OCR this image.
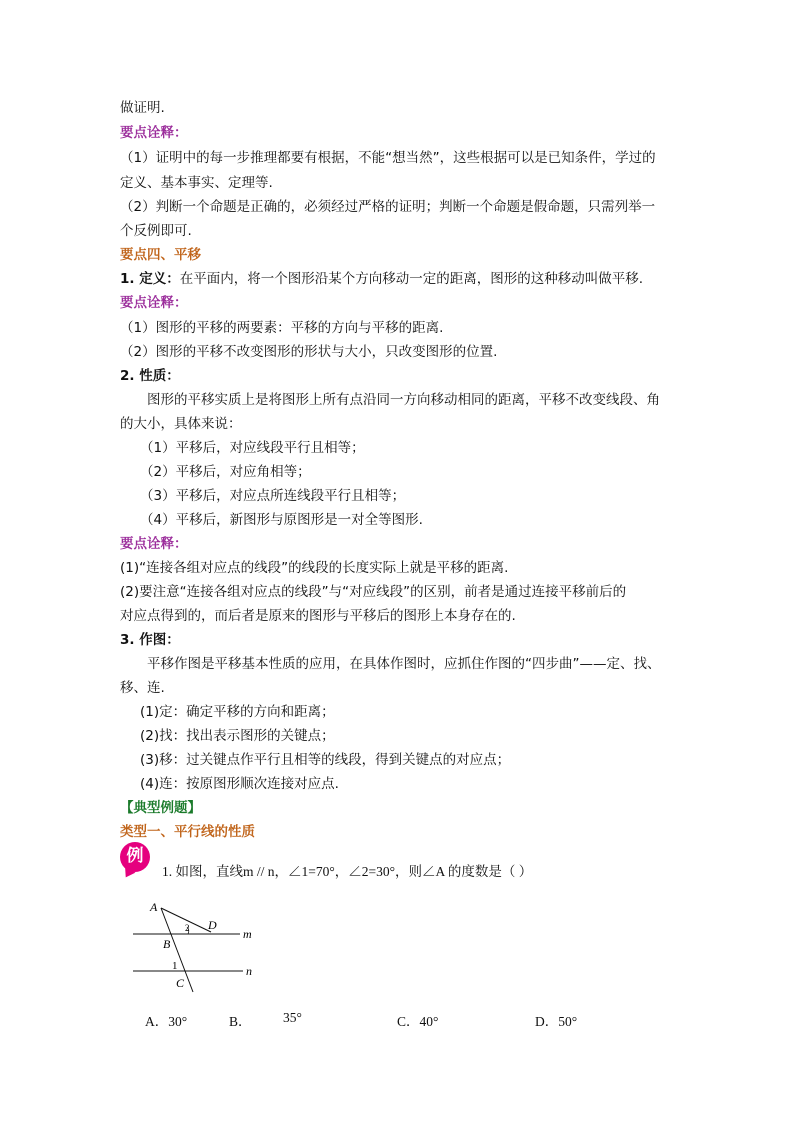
做证明.
要点诠释：
（1）证明中的每一步推理都要有根据，不能“想当然”，这些根据可以是已知条件，学过的
定义、基本事实、定理等.
（2）判断一个命题是正确的，必须经过严格的证明；判断一个命题是假命题，只需列举一
个反例即可.
要点四、平移
1. 定义：在平面内，将一个图形沿某个方向移动一定的距离，图形的这种移动叫做平移.
要点诠释：
（1）图形的平移的两要素：平移的方向与平移的距离.
（2）图形的平移不改变图形的形状与大小，只改变图形的位置.
2. 性质：
图形的平移实质上是将图形上所有点沿同一方向移动相同的距离，平移不改变线段、角
的大小，具体来说：
（1）平移后，对应线段平行且相等；
（2）平移后，对应角相等；
（3）平移后，对应点所连线段平行且相等；
（4）平移后，新图形与原图形是一对全等图形.
要点诠释：
(1)“连接各组对应点的线段”的线段的长度实际上就是平移的距离.
(2)要注意“连接各组对应点的线段”与“对应线段”的区别，前者是通过连接平移前后的
对应点得到的，而后者是原来的图形与平移后的图形上本身存在的.
3. 作图：
平移作图是平移基本性质的应用，在具体作图时，应抓住作图的“四步曲”——定、找、
移、连.
(1)定：确定平移的方向和距离；
(2)找：找出表示图形的关键点；
(3)移：过关键点作平行且相等的线段，得到关键点的对应点；
(4)连：按原图形顺次连接对应点.
【典型例题】
类型一、平行线的性质
例
1. 如图，直线m // n，∠1=70°，∠2=30°，则∠A 的度数是（ ）
A
D
m
B
2
1	n
C
A．30°	B． 35°	C．40°	D．50°
